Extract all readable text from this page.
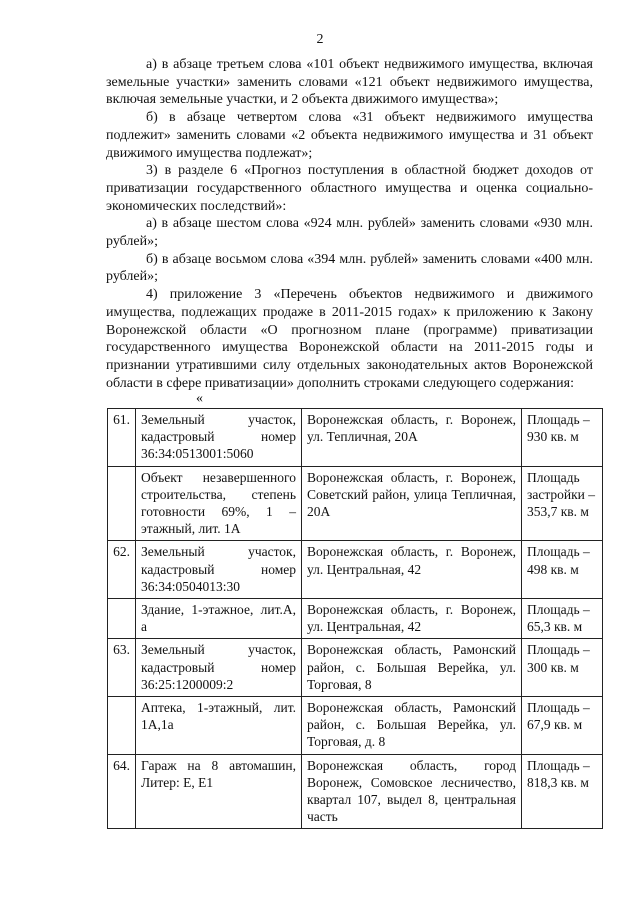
2

а) в абзаце третьем слова «101 объект недвижимого имущества, включая земельные участки» заменить словами «121 объект недвижимого имущества, включая земельные участки, и 2 объекта движимого имущества»;

б) в абзаце четвертом слова «31 объект недвижимого имущества подлежит» заменить словами «2 объекта недвижимого имущества и 31 объект движимого имущества подлежат»;

3) в разделе 6 «Прогноз поступления в областной бюджет доходов от приватизации государственного областного имущества и оценка социально-экономических последствий»:

а) в абзаце шестом слова «924 млн. рублей» заменить словами «930 млн. рублей»;

б) в абзаце восьмом слова «394 млн. рублей» заменить словами «400 млн. рублей»;

4) приложение 3 «Перечень объектов недвижимого и движимого имущества, подлежащих продаже в 2011-2015 годах» к приложению к Закону Воронежской области «О прогнозном плане (программе) приватизации государственного имущества Воронежской области на 2011-2015 годы и признании утратившими силу отдельных законодательных актов Воронежской области в сфере приватизации» дополнить строками следующего содержания:

«

61.	Земельный участок, кадастровый номер 36:34:0513001:5060	Воронежская область, г. Воронеж, ул. Тепличная, 20А	Площадь – 930 кв. м
	Объект незавершенного строительства, степень готовности 69%, 1 – этажный, лит. 1А	Воронежская область, г. Воронеж, Советский район, улица Тепличная, 20А	Площадь застройки – 353,7 кв. м
62.	Земельный участок, кадастровый номер 36:34:0504013:30	Воронежская область, г. Воронеж, ул. Центральная, 42	Площадь – 498 кв. м
	Здание, 1-этажное, лит.А, а	Воронежская область, г. Воронеж, ул. Центральная, 42	Площадь – 65,3 кв. м
63.	Земельный участок, кадастровый номер 36:25:1200009:2	Воронежская область, Рамонский район, с. Большая Верейка, ул. Торговая, 8	Площадь – 300 кв. м
	Аптека, 1-этажный, лит. 1А,1а	Воронежская область, Рамонский район, с. Большая Верейка, ул. Торговая, д. 8	Площадь – 67,9 кв. м
64.	Гараж на 8 автомашин, Литер: Е, Е1	Воронежская область, город Воронеж, Сомовское лесничество, квартал 107, выдел 8, центральная часть	Площадь – 818,3 кв. м
